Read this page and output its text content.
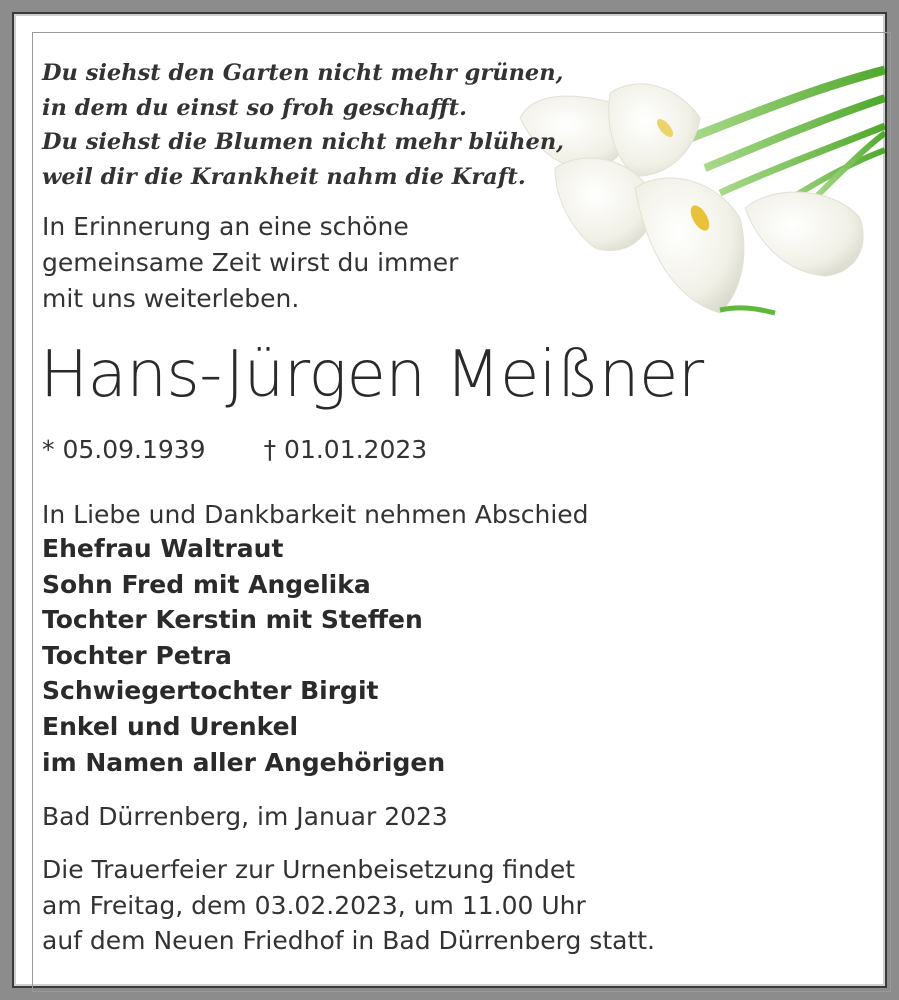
Du siehst den Garten nicht mehr grünen,
in dem du einst so froh geschafft.
Du siehst die Blumen nicht mehr blühen,
weil dir die Krankheit nahm die Kraft.
In Erinnerung an eine schöne
gemeinsame Zeit wirst du immer
mit uns weiterleben.
Hans-Jürgen Meißner
* 05.09.1939 † 01.01.2023
In Liebe und Dankbarkeit nehmen Abschied
Ehefrau Waltraut
Sohn Fred mit Angelika
Tochter Kerstin mit Steffen
Tochter Petra
Schwiegertochter Birgit
Enkel und Urenkel
im Namen aller Angehörigen
Bad Dürrenberg, im Januar 2023
Die Trauerfeier zur Urnenbeisetzung findet
am Freitag, dem 03.02.2023, um 11.00 Uhr
auf dem Neuen Friedhof in Bad Dürrenberg statt.
